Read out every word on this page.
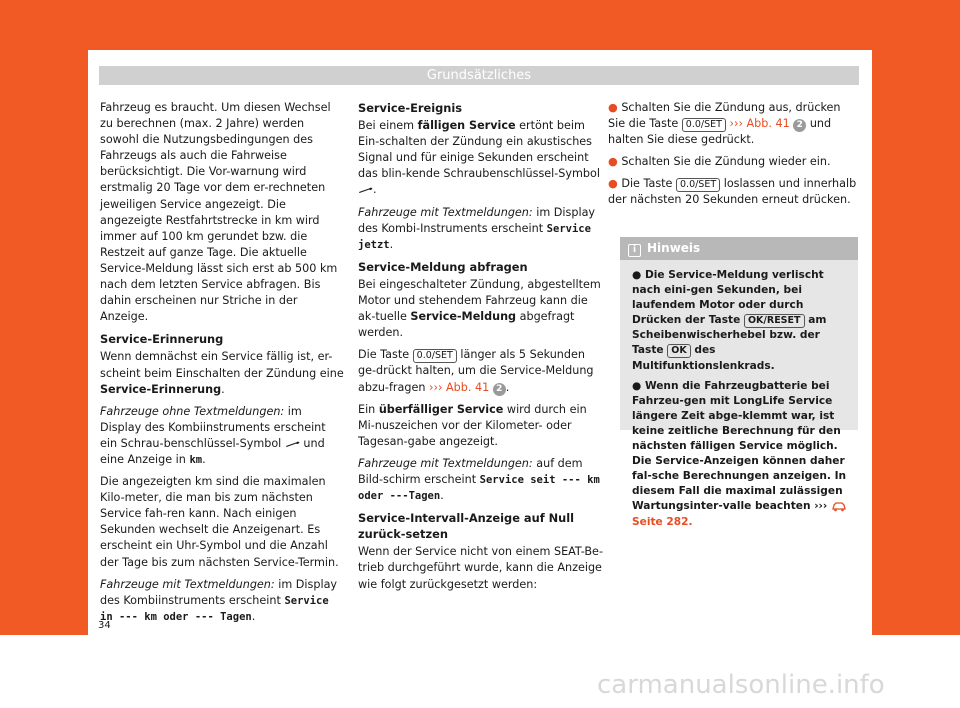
Grundsätzliches

Fahrzeug es braucht. Um diesen Wechsel zu berechnen (max. 2 Jahre) werden sowohl die Nutzungsbedingungen des Fahrzeugs als auch die Fahrweise berücksichtigt. Die Vor-warnung wird erstmalig 20 Tage vor dem er-rechneten jeweiligen Service angezeigt. Die angezeigte Restfahrtstrecke in km wird immer auf 100 km gerundet bzw. die Restzeit auf ganze Tage. Die aktuelle Service-Meldung lässt sich erst ab 500 km nach dem letzten Service abfragen. Bis dahin erscheinen nur Striche in der Anzeige.

Service-Erinnerung

Wenn demnächst ein Service fällig ist, er-scheint beim Einschalten der Zündung eine Service-Erinnerung.

Fahrzeuge ohne Textmeldungen: im Display des Kombiinstruments erscheint ein Schrau-benschlüssel-Symbol  und eine Anzeige in km.

Die angezeigten km sind die maximalen Kilo-meter, die man bis zum nächsten Service fah-ren kann. Nach einigen Sekunden wechselt die Anzeigenart. Es erscheint ein Uhr-Symbol und die Anzahl der Tage bis zum nächsten Service-Termin.

Fahrzeuge mit Textmeldungen: im Display des Kombiinstruments erscheint Service in --- km oder --- Tagen.

Service-Ereignis

Bei einem fälligen Service ertönt beim Ein-schalten der Zündung ein akustisches Signal und für einige Sekunden erscheint das blin-kende Schraubenschlüssel-Symbol .

Fahrzeuge mit Textmeldungen: im Display des Kombi-Instruments erscheint Service jetzt.

Service-Meldung abfragen

Bei eingeschalteter Zündung, abgestelltem Motor und stehendem Fahrzeug kann die ak-tuelle Service-Meldung abgefragt werden.

Die Taste 0.0/SET länger als 5 Sekunden ge-drückt halten, um die Service-Meldung abzu-fragen ››› Abb. 41 2 .

Ein überfälliger Service wird durch ein Mi-nuszeichen vor der Kilometer- oder Tagesan-gabe angezeigt.

Fahrzeuge mit Textmeldungen: auf dem Bild-schirm erscheint Service seit --- km oder ---Tagen.

Service-Intervall-Anzeige auf Null zurück-setzen

Wenn der Service nicht von einem SEAT-Be-trieb durchgeführt wurde, kann die Anzeige wie folgt zurückgesetzt werden:

● Schalten Sie die Zündung aus, drücken Sie die Taste 0.0/SET ››› Abb. 41 2 und halten Sie diese gedrückt.

● Schalten Sie die Zündung wieder ein.

● Die Taste 0.0/SET loslassen und innerhalb der nächsten 20 Sekunden erneut drücken.

i Hinweis

● Die Service-Meldung verlischt nach eini-gen Sekunden, bei laufendem Motor oder durch Drücken der Taste OK/RESET am Scheibenwischerhebel bzw. der Taste OK des Multifunktionslenkrads.

● Wenn die Fahrzeugbatterie bei Fahrzeu-gen mit LongLife Service längere Zeit abge-klemmt war, ist keine zeitliche Berechnung für den nächsten fälligen Service möglich. Die Service-Anzeigen können daher fal-sche Berechnungen anzeigen. In diesem Fall die maximal zulässigen Wartungsinter-valle beachten ›››  Seite 282.

34
carmanualsonline.info
